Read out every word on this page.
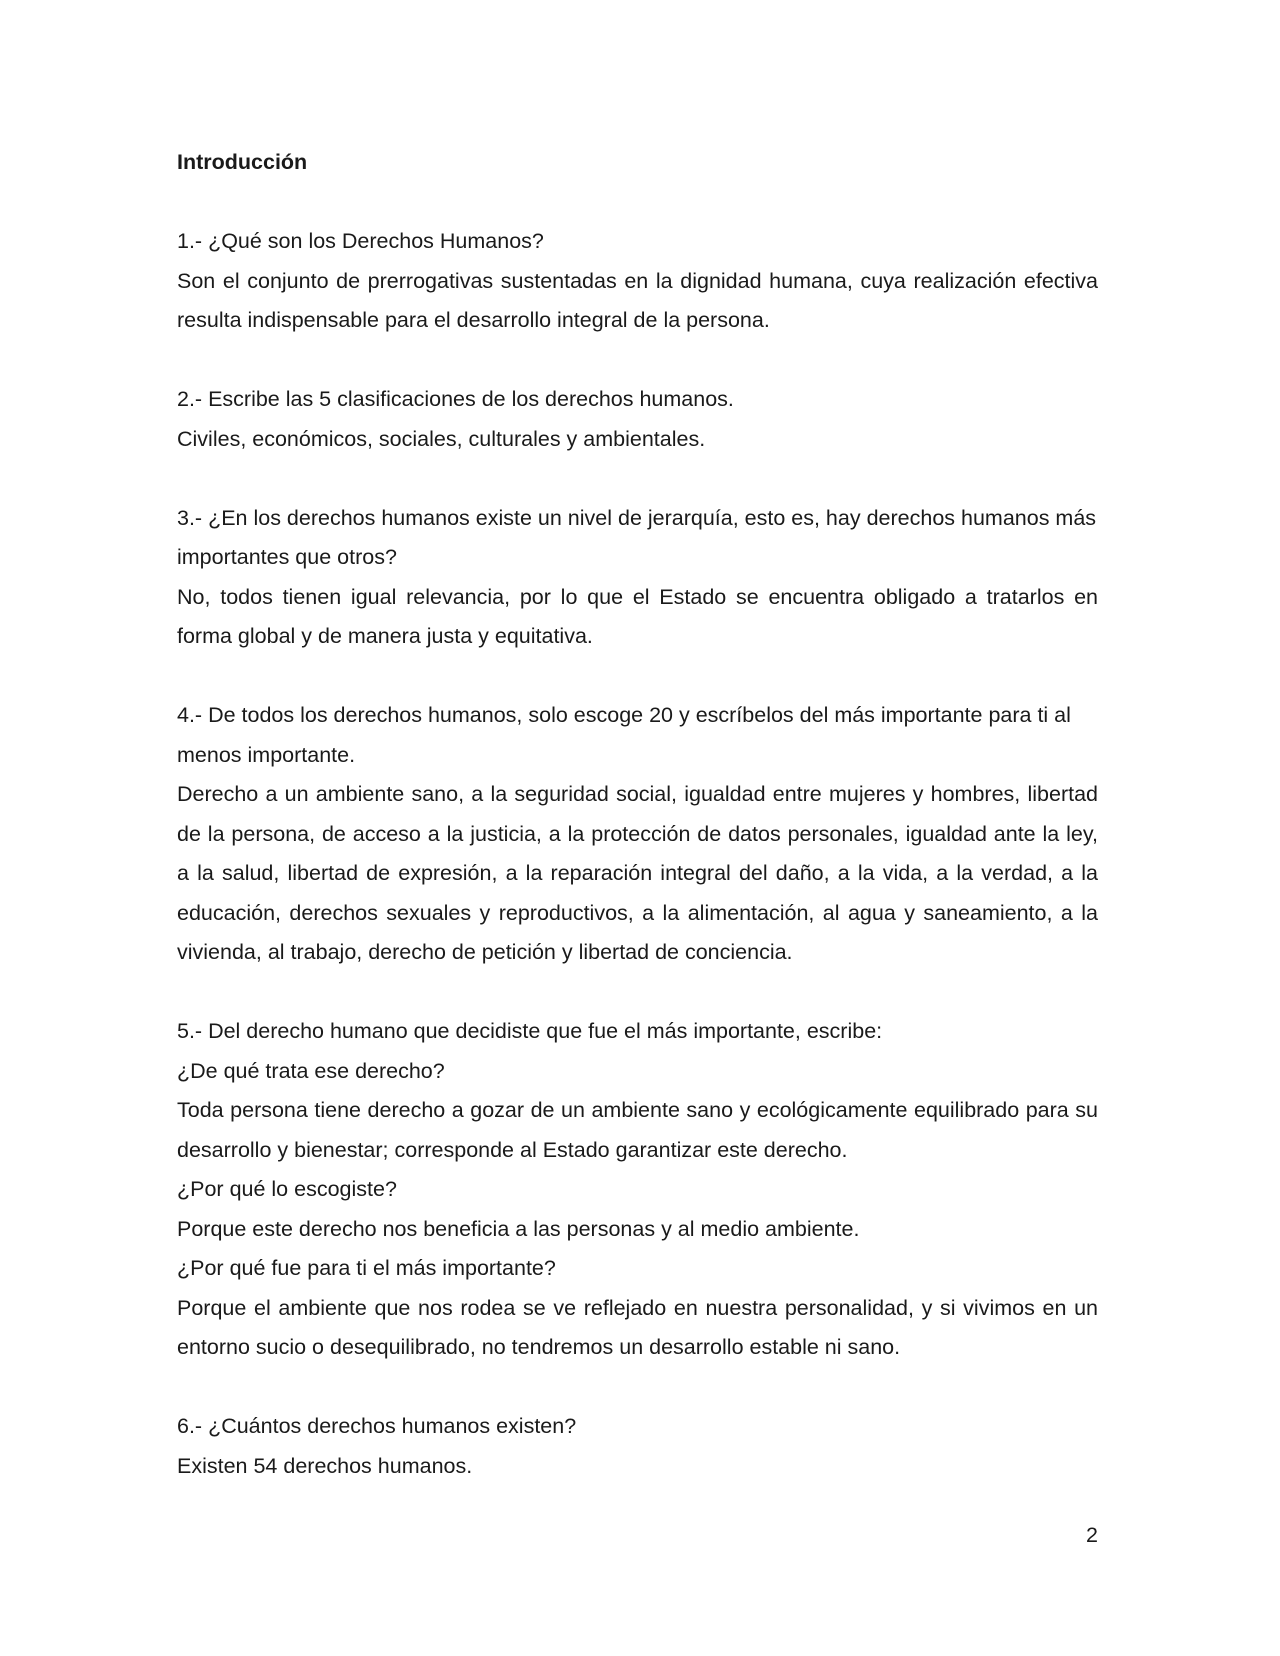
Introducción

1.- ¿Qué son los Derechos Humanos?

Son el conjunto de prerrogativas sustentadas en la dignidad humana, cuya realización efectiva resulta indispensable para el desarrollo integral de la persona.

2.- Escribe las 5 clasificaciones de los derechos humanos.

Civiles, económicos, sociales, culturales y ambientales.

3.- ¿En los derechos humanos existe un nivel de jerarquía, esto es, hay derechos humanos más importantes que otros?

No, todos tienen igual relevancia, por lo que el Estado se encuentra obligado a tratarlos en forma global y de manera justa y equitativa.

4.- De todos los derechos humanos, solo escoge 20 y escríbelos del más importante para ti al menos importante.

Derecho a un ambiente sano, a la seguridad social, igualdad entre mujeres y hombres, libertad de la persona, de acceso a la justicia, a la protección de datos personales, igualdad ante la ley, a la salud, libertad de expresión, a la reparación integral del daño, a la vida, a la verdad, a la educación, derechos sexuales y reproductivos, a la alimentación, al agua y saneamiento, a la vivienda, al trabajo, derecho de petición y libertad de conciencia.

5.- Del derecho humano que decidiste que fue el más importante, escribe:

¿De qué trata ese derecho?

Toda persona tiene derecho a gozar de un ambiente sano y ecológicamente equilibrado para su desarrollo y bienestar; corresponde al Estado garantizar este derecho.

¿Por qué lo escogiste?

Porque este derecho nos beneficia a las personas y al medio ambiente.

¿Por qué fue para ti el más importante?

Porque el ambiente que nos rodea se ve reflejado en nuestra personalidad, y si vivimos en un entorno sucio o desequilibrado, no tendremos un desarrollo estable ni sano.

6.- ¿Cuántos derechos humanos existen?

Existen 54 derechos humanos.

2
